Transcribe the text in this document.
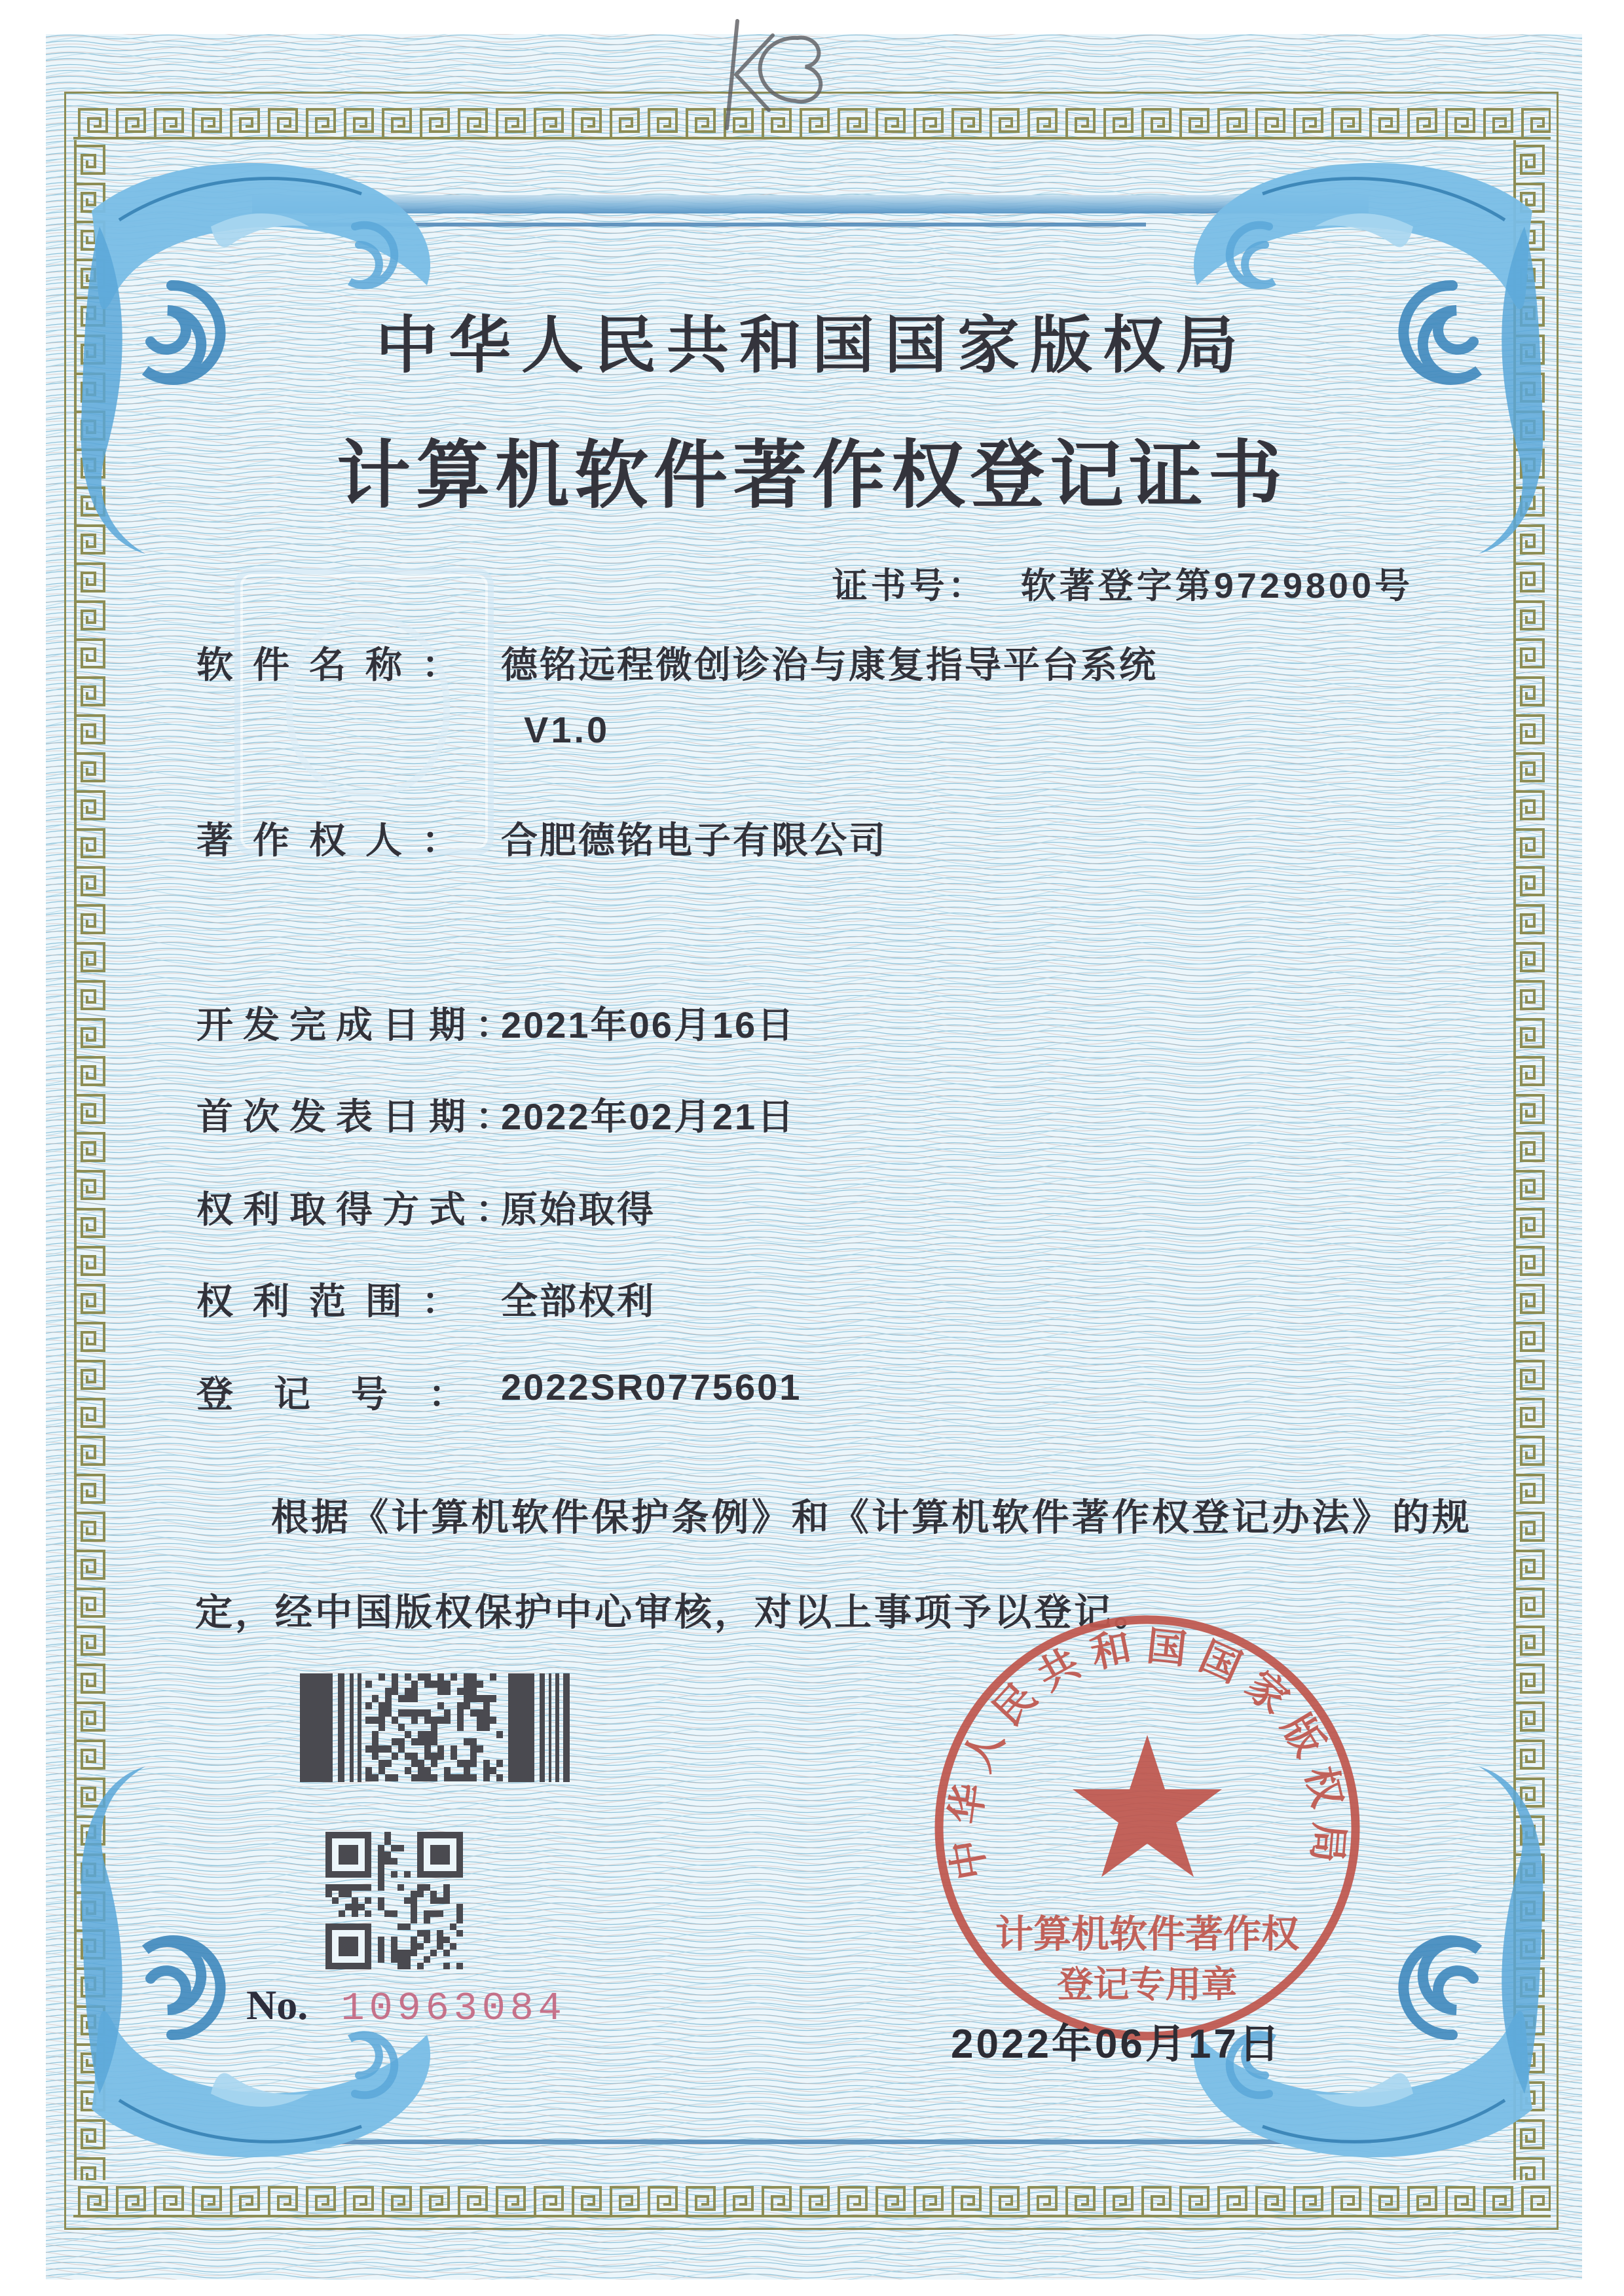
中华人民共和国国家版权局
计算机软件著作权登记证书
证书号： 软著登字第9729800号
软件名称： 德铭远程微创诊治与康复指导平台系统
V1.0
著作权人： 合肥德铭电子有限公司
开发完成日期：
2021年06月16日
首次发表日期：
2022年02月21日
权利取得方式：
原始取得
权利范围： 全部权利
登记号：
2022SR0775601
根据《计算机软件保护条例》和《计算机软件著作权登记办法》的规定，经中国版权保护中心审核，对以上事项予以登记。
No. 10963084
中华人民共和国国家版权局
计算机软件著作权
登记专用章
2022年06月17日
